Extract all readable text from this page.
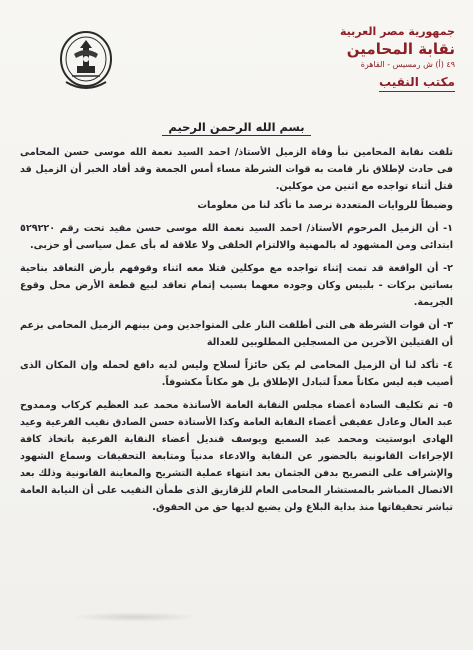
جمهورية مصر العربية
نقابة المحامين
٤٩ (أ) ش رمسيس - القاهرة
مكتب النقيب
بسم الله الرحمن الرحيم

تلقت نقابة المحامين نبأ وفاة الزميل الأستاذ/ احمد السيد نعمة الله موسى حسن المحامى فى حادث لإطلاق نار قامت به قوات الشرطة مساء أمس الجمعة وقد أفاد الخبر أن الزميل قد قتل أثناء تواجده مع اثنين من موكلين.

وضبطاً للروايات المتعددة نرصد ما تأكد لنا من معلومات

١- أن الزميل المرحوم الأستاذ/ احمد السيد نعمة الله موسى حسن مقيد تحت رقم ٥٢٩٢٢٠ ابتدائى ومن المشهود له بالمهنية والالتزام الخلقى ولا علاقة له بأى عمل سياسى أو حزبى.

٢- أن الواقعة قد تمت إثناء تواجده مع موكلين قتلا معه اثناء وقوفهم بأرض التعاقد بناحية بساتين بركات - بلبيس وكان وجوده معهما بسبب إتمام تعاقد لبيع قطعة الأرض محل وقوع الجريمة.

٣- أن قوات الشرطة هى التى أطلقت النار على المتواجدين ومن بينهم الزميل المحامى بزعم أن القتيلين الآخرين من المسجلين المطلوبين للعدالة

٤- تأكد لنا أن الزميل المحامى لم يكن حائزاً لسلاح وليس لديه دافع لحمله وإن المكان الذى أصيب فيه ليس مكاناً معداً لتبادل الإطلاق بل هو مكاناً مكشوفاً.

٥- تم تكليف السادة أعضاء مجلس النقابة العامة الأساتذة محمد عبد العظيم كركاب وممدوح عبد العال وعادل عفيفى أعضاء النقابة العامة وكذا الأستاذة حسن الصادق نقيب الفرعية وعيد الهادى ابوستيت ومحمد عبد السميع ويوسف قنديل أعضاء النقابة الفرعية باتخاذ كافة الإجراءات القانونية بالحضور عن النقابة والادعاء مدنياً ومتابعة التحقيقات وسماع الشهود والإشراف على التصريح بدفن الجثمان بعد انتهاء عملية التشريح والمعاينة القانونية وذلك بعد الاتصال المباشر بالمستشار المحامى العام للزقازيق الذى طمأن النقيب على أن النيابة العامة تباشر تحقيقاتها منذ بداية البلاغ ولن يضيع لديها حق من الحقوق.
